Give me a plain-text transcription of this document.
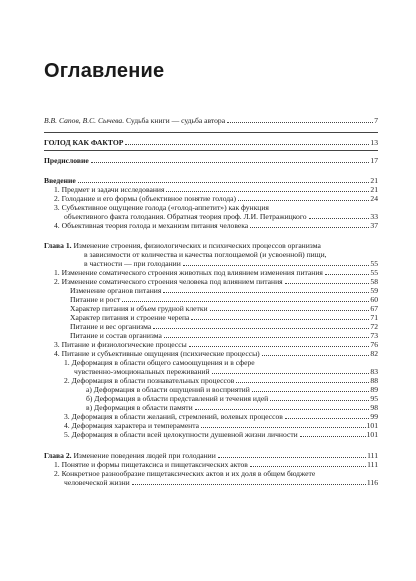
Оглавление
В.В. Сапов, В.С. Сычева. Судьба книги — судьба автора	7
ГОЛОД КАК ФАКТОР	13
Предисловие	17
Введение	21
1. Предмет и задачи исследования	21
2. Голодание и его формы (объективное понятие голода)	24
3. Субъективное ощущение голода («голод-аппетит») как функция
объективного факта голодания. Обратная теория проф. Л.И. Петражицкого	33
4. Объективная теория голода и механизм питания человека	37
Глава 1. Изменение строения, физиологических и психических процессов организма
в зависимости от количества и качества поглощаемой (и усвоенной) пищи,
в частности — при голодании	55
1. Изменение соматического строения животных под влиянием изменения питания	55
2. Изменение соматического строения человека под влиянием питания	58
Изменение органов питания	59
Питание и рост	60
Характер питания и объем грудной клетки	67
Характер питания и строение черепа	71
Питание и вес организма	72
Питание и состав организма	73
3. Питание и физиологические процессы	76
4. Питание и субъективные ощущения (психические процессы)	82
1. Деформация в области общего самоощущения и в сфере
чувственно-эмоциональных переживаний	83
2. Деформация в области познавательных процессов	88
а) Деформация в области ощущений и восприятий	89
б) Деформация в области представлений и течения идей	95
в) Деформация в области памяти	98
3. Деформация в области желаний, стремлений, волевых процессов	99
4. Деформация характера и темперамента	101
5. Деформация в области всей целокупности душевной жизни личности	101
Глава 2. Изменение поведения людей при голодании	111
1. Понятие и формы пищетаксиса и пищетаксических актов	111
2. Конкретное разнообразие пищетаксических актов и их доля в общем бюджете
человеческой жизни	116
